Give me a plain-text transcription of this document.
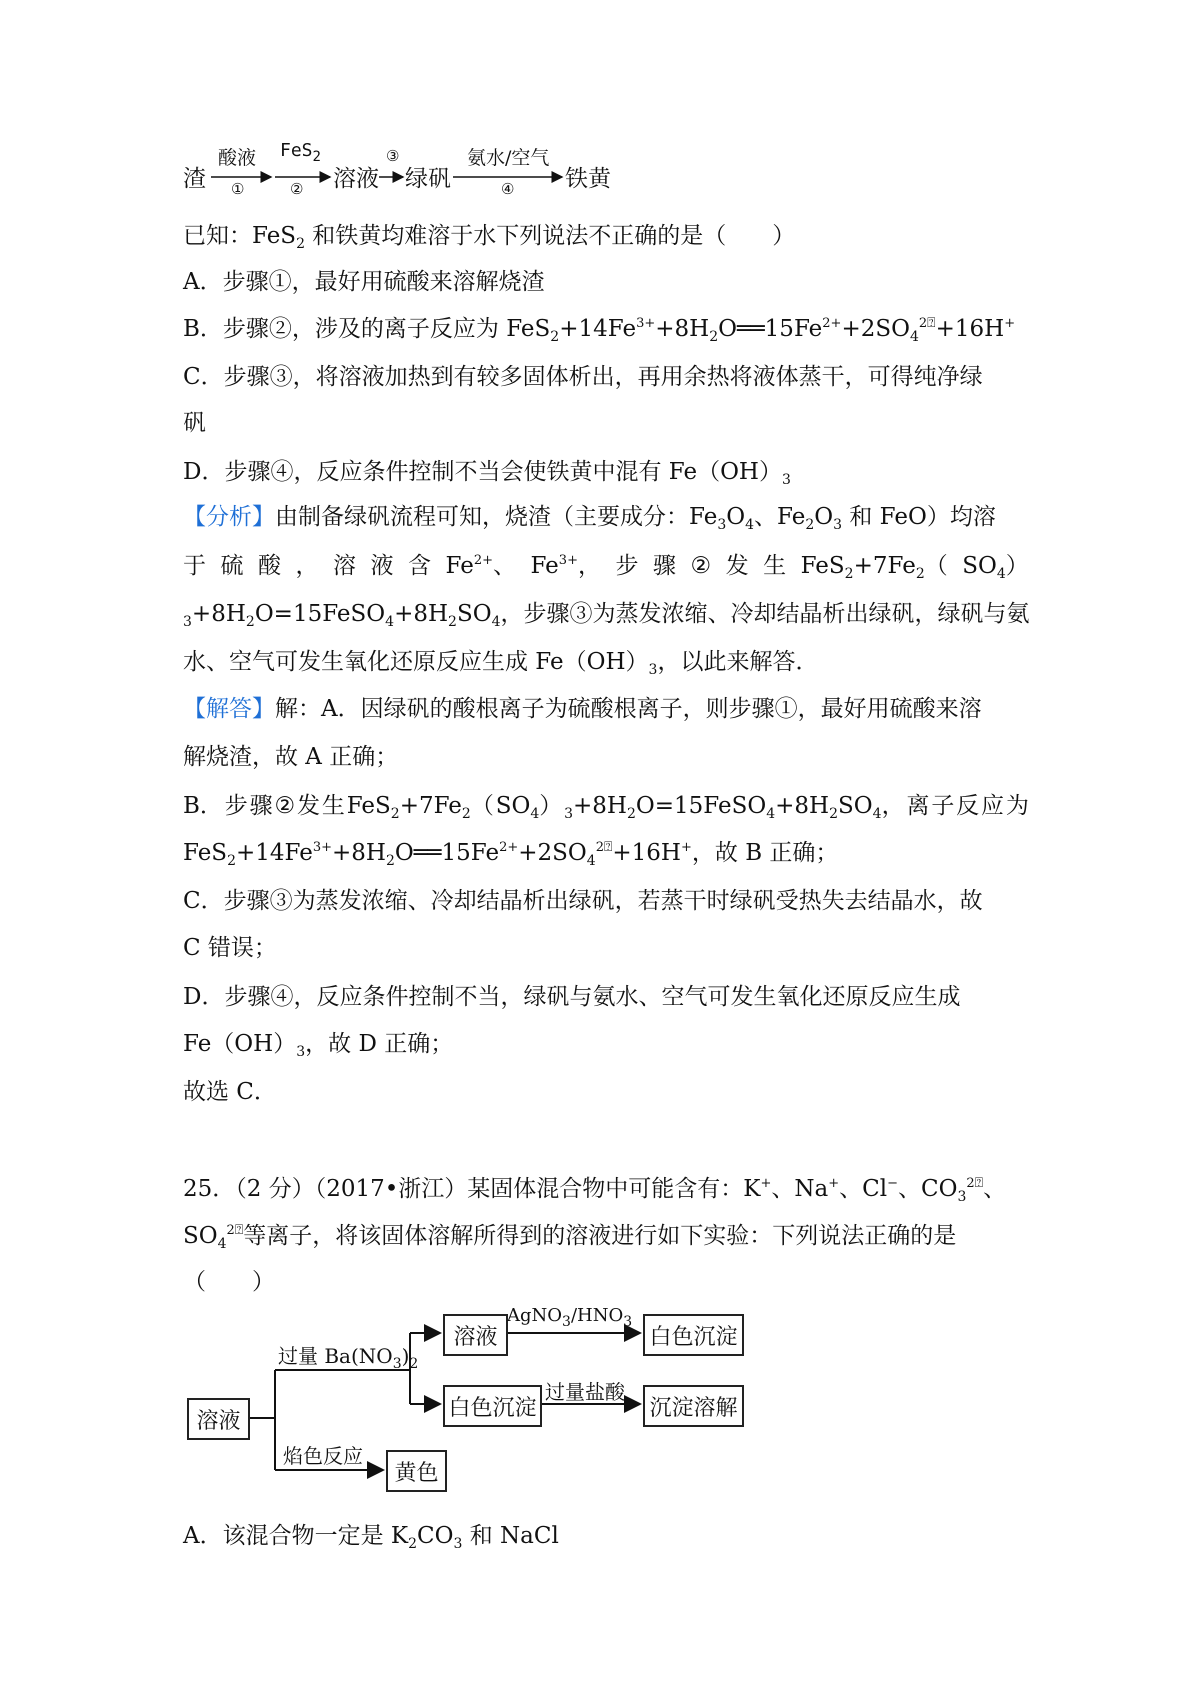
渣
酸液
①
FeS$_2$
② 溶液
③
绿矾
氨水/空气
④ 铁黄
已知：FeS$_2$ 和铁黄均难溶于水下列说法不正确的是（　　）
A．步骤①，最好用硫酸来溶解烧渣
B．步骤②，涉及的离子反应为 $FeS_2+14Fe^{3+}+8H_2O══15Fe^{2+}+2SO_4^{2⍰}+16H^+$
C．步骤③，将溶液加热到有较多固体析出，再用余热将液体蒸干，可得纯净绿
矾
D．步骤④，反应条件控制不当会使铁黄中混有 $Fe(OH)_3$
【分析】由制备绿矾流程可知，烧渣（主要成分：$Fe_3O_4$、$Fe_2O_3$ 和 FeO）均溶
于 硫 酸 ， 溶 液 含 $Fe^{2+}$、 $Fe^{3+}$， 步 骤 ② 发 生 $FeS_2+7Fe_2$（ $SO_4$）
$_3+8H_2O=15FeSO_4+8H_2SO_4$，步骤③为蒸发浓缩、冷却结晶析出绿矾，绿矾与氨
水、空气可发生氧化还原反应生成 $Fe(OH)_3$，以此来解答．
【解答】解：A．因绿矾的酸根离子为硫酸根离子，则步骤①，最好用硫酸来溶
解烧渣，故 A 正确；
B． 步 骤 ② 发 生 $FeS_2+7Fe_2$（ $SO_4$） $_3+8H_2O=15FeSO_4+8H_2SO_4$， 离 子 反 应 为
$FeS_2+14Fe^{3+}+8H_2O══15Fe^{2+}+2SO_4^{2⍰}+16H^+$，故 B 正确；
C．步骤③为蒸发浓缩、冷却结晶析出绿矾，若蒸干时绿矾受热失去结晶水，故
C 错误；
D．步骤④，反应条件控制不当，绿矾与氨水、空气可发生氧化还原反应生成
$Fe(OH)_3$，故 D 正确；
故选 C．
25．（2 分）（2017•浙江）某固体混合物中可能含有：K+、Na+、Cl−、$CO_3^{2⍰}$、
$SO_4^{2⍰}$等离子，将该固体溶解所得到的溶液进行如下实验：下列说法正确的是
（　　）
溶液
溶液	白色沉淀
白色沉淀	沉淀溶解
黄色
过量 $Ba(NO_3)_2$
$AgNO_3/HNO_3$
过量盐酸
焰色反应
A．该混合物一定是 $K_2CO_3$ 和 NaCl
